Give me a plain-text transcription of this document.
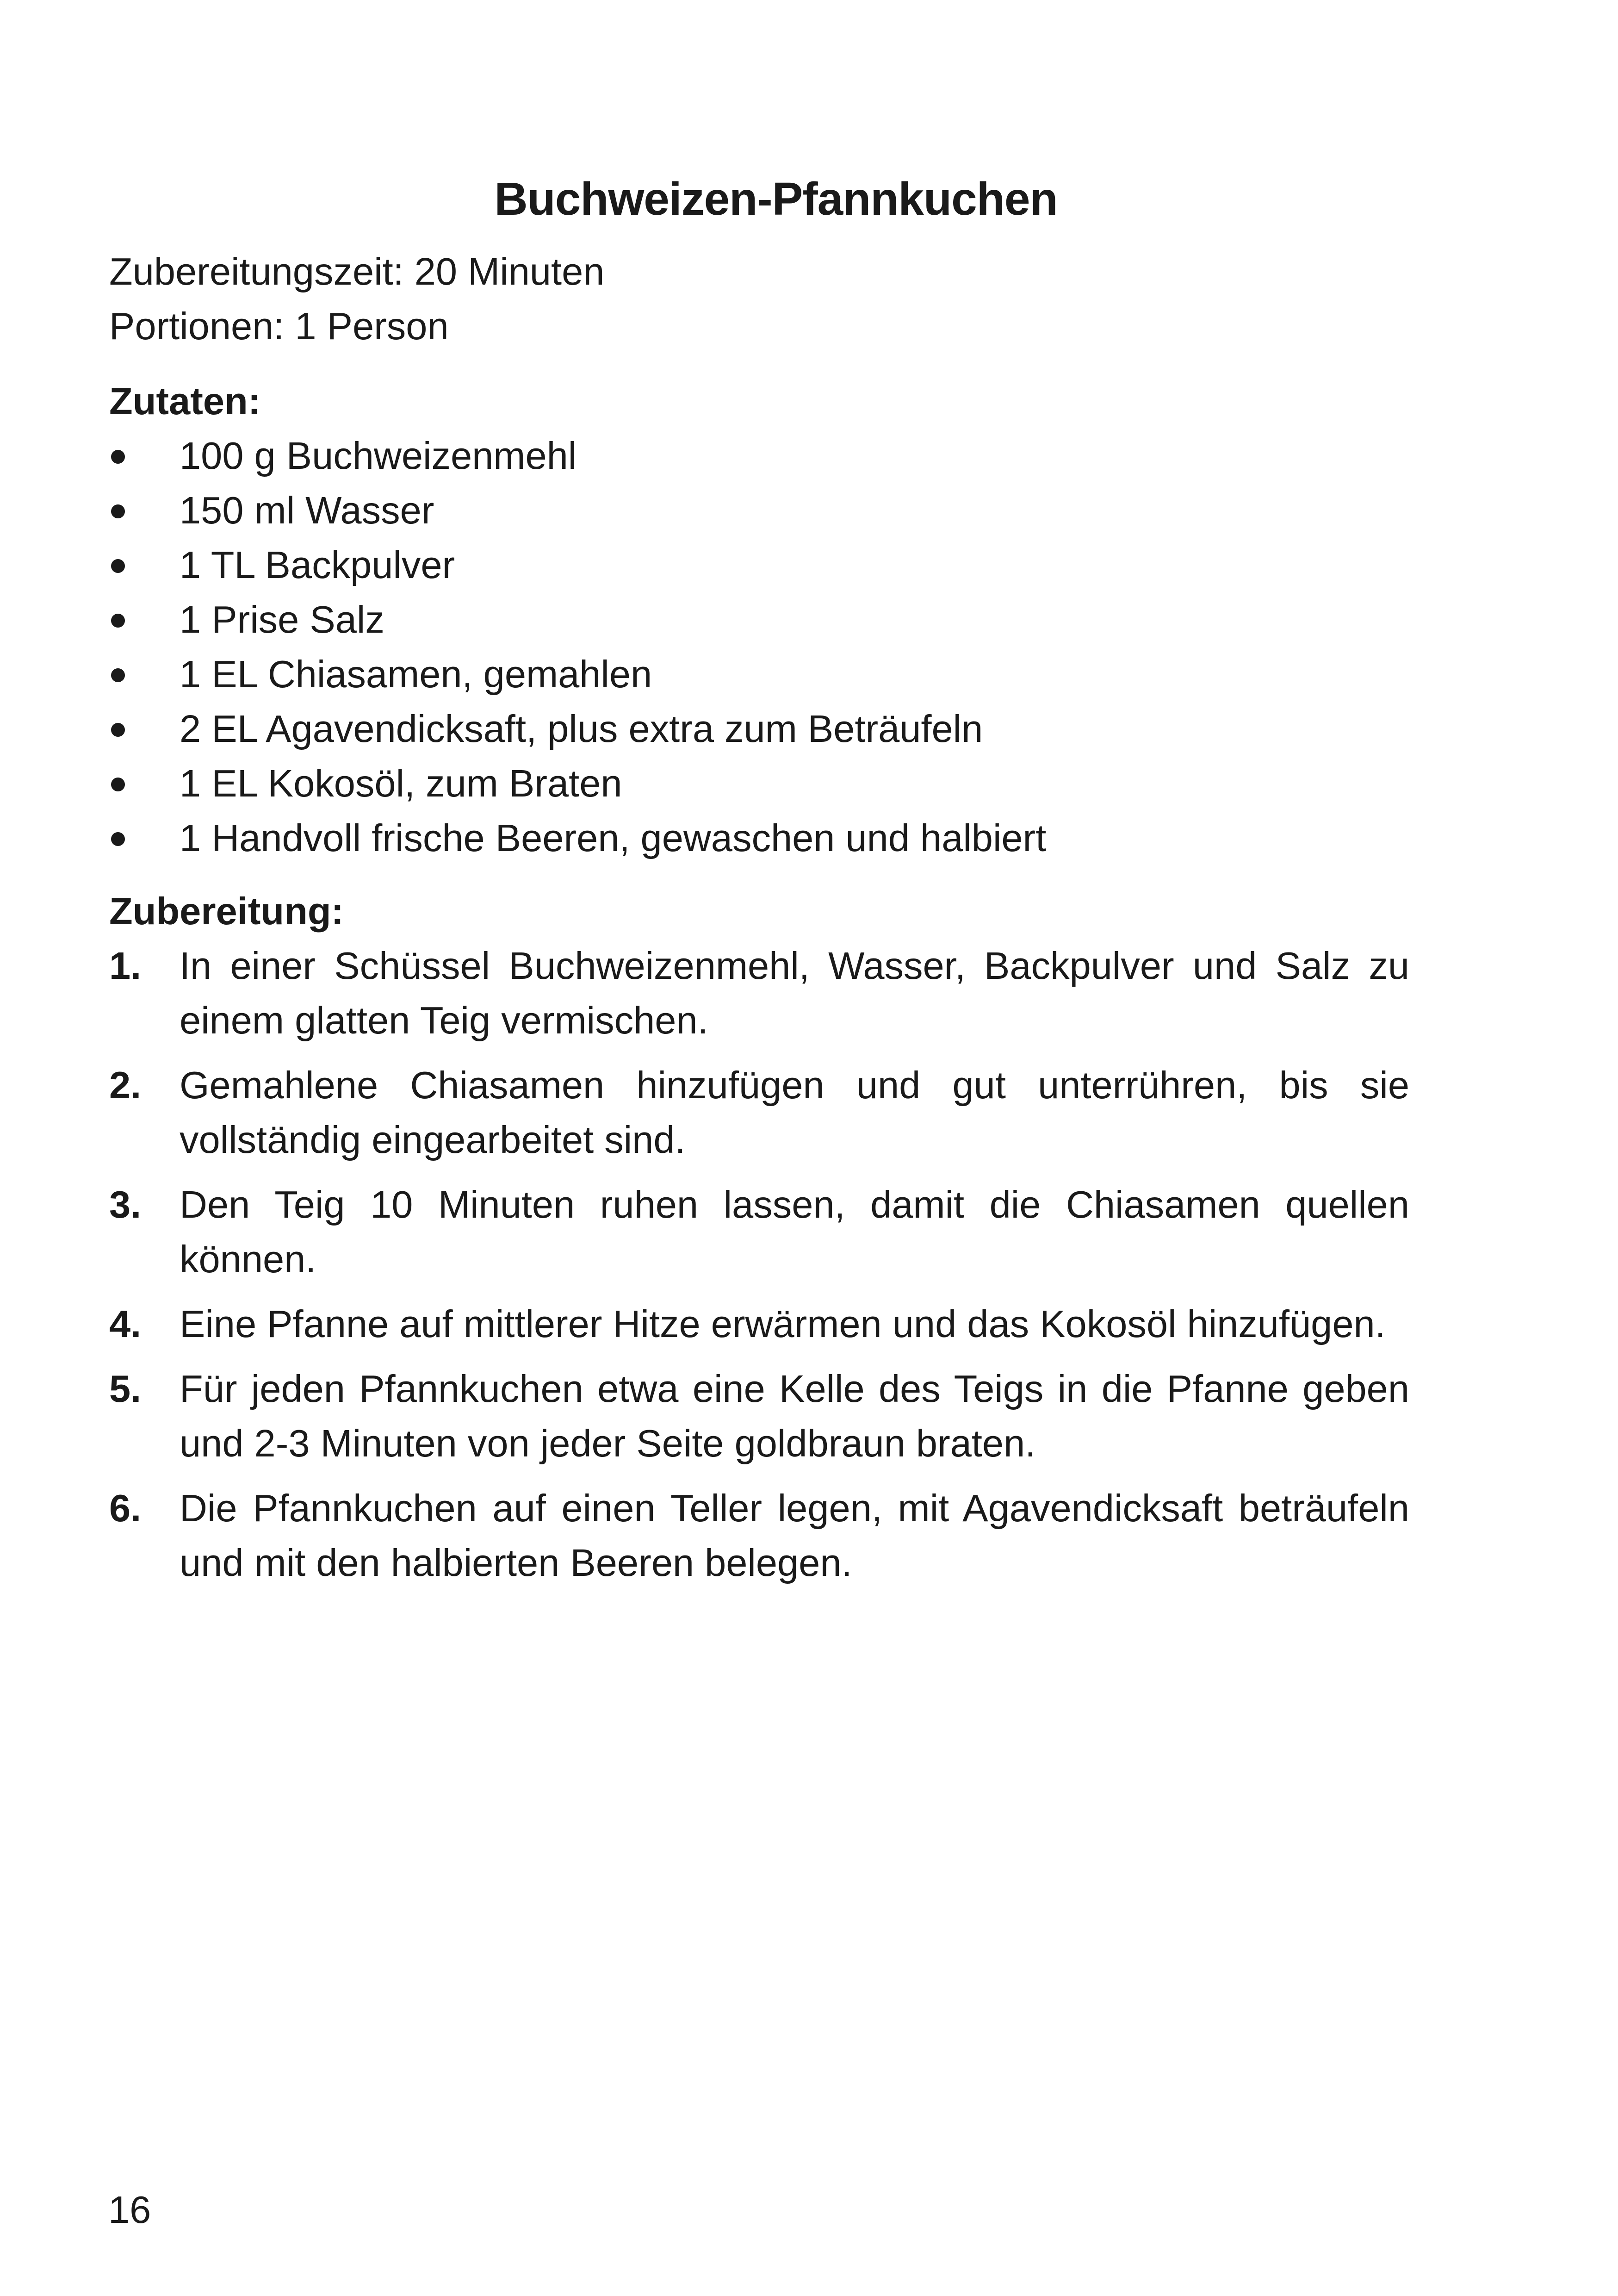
Buchweizen-Pfannkuchen
Zubereitungszeit: 20 Minuten
Portionen: 1 Person
Zutaten:
100 g Buchweizenmehl
150 ml Wasser
1 TL Backpulver
1 Prise Salz
1 EL Chiasamen, gemahlen
2 EL Agavendicksaft, plus extra zum Beträufeln
1 EL Kokosöl, zum Braten
1 Handvoll frische Beeren, gewaschen und halbiert
Zubereitung:
1. In einer Schüssel Buchweizenmehl, Wasser, Backpulver und Salz zu einem glatten Teig vermischen.
2. Gemahlene Chiasamen hinzufügen und gut unterrühren, bis sie vollständig eingearbeitet sind.
3. Den Teig 10 Minuten ruhen lassen, damit die Chiasamen quellen können.
4. Eine Pfanne auf mittlerer Hitze erwärmen und das Kokosöl hinzufügen.
5. Für jeden Pfannkuchen etwa eine Kelle des Teigs in die Pfanne geben und 2-3 Minuten von jeder Seite goldbraun braten.
6. Die Pfannkuchen auf einen Teller legen, mit Agavendicksaft beträufeln und mit den halbierten Beeren belegen.
16
